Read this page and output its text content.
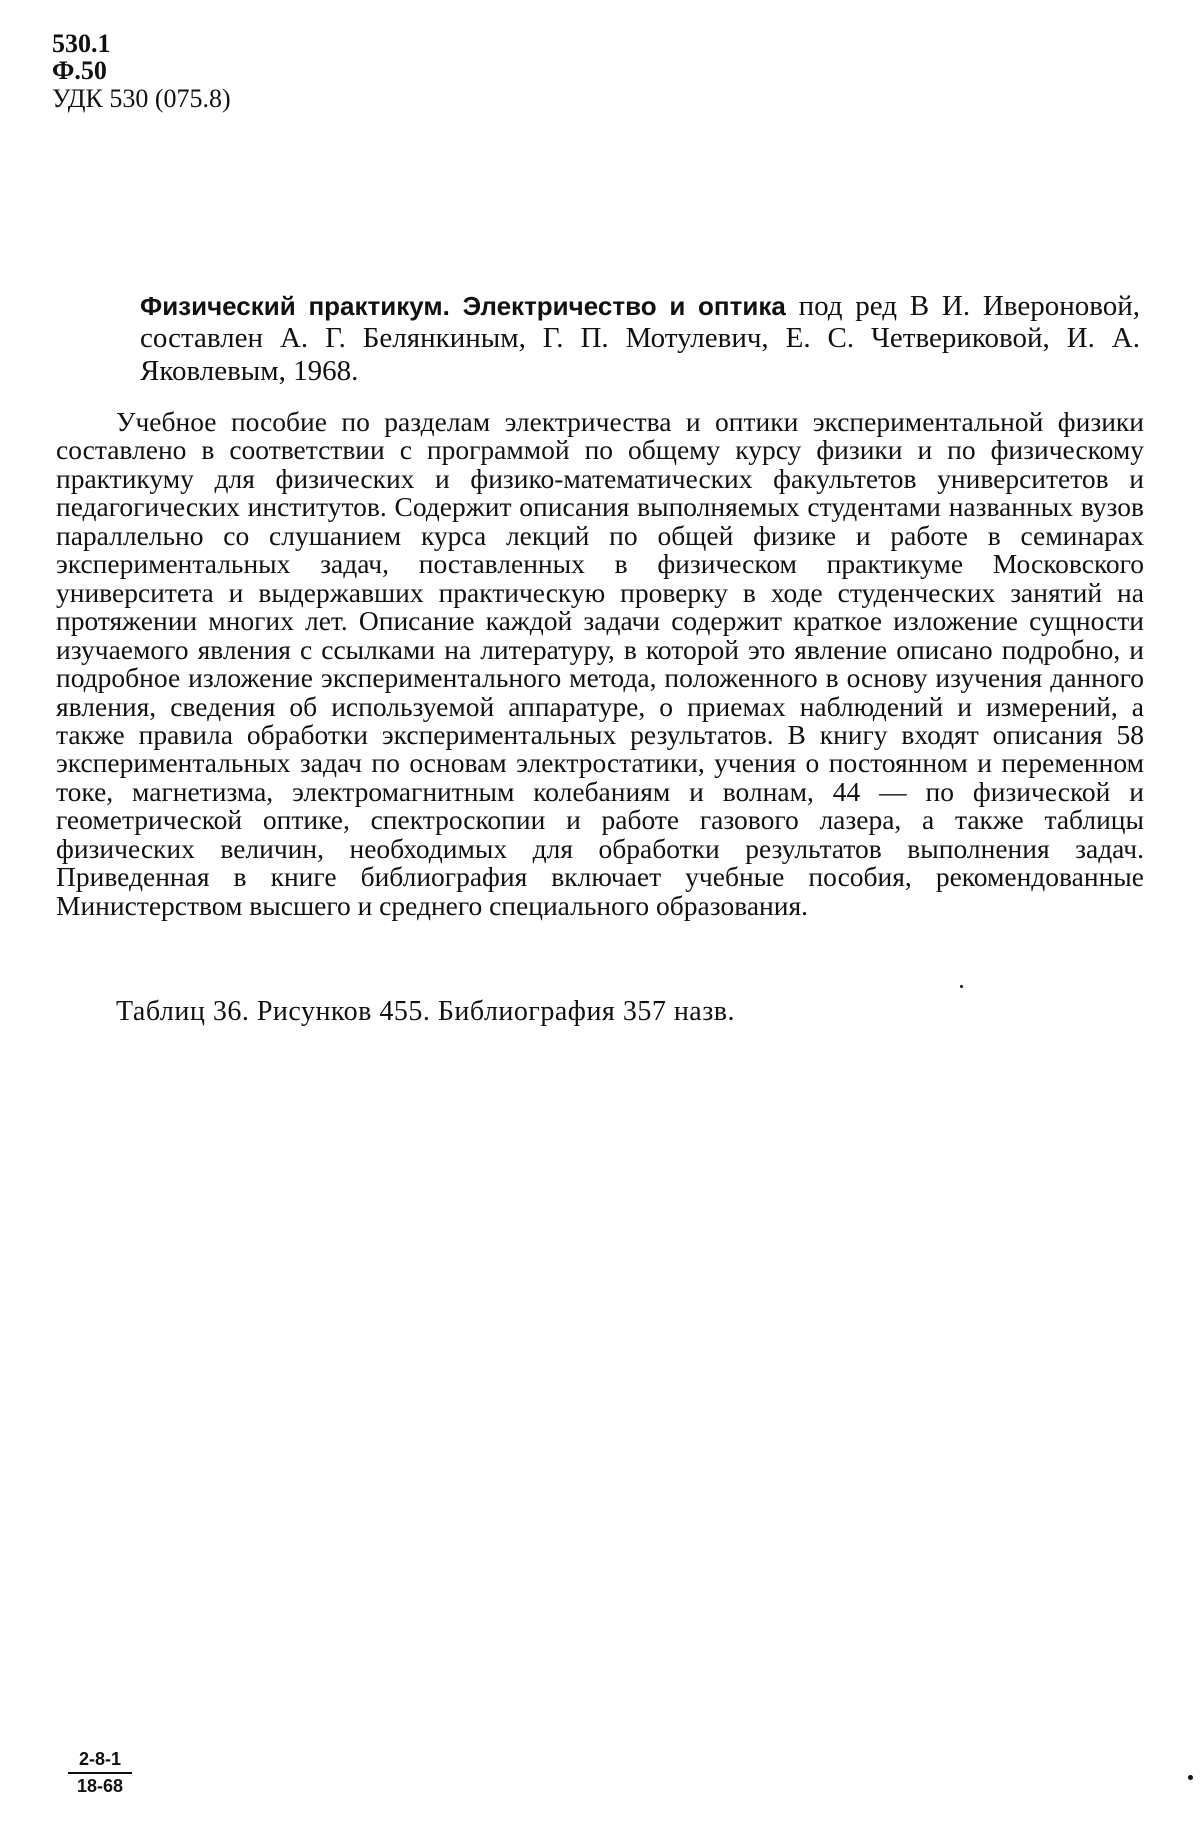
530.1
Ф.50
УДК 530 (075.8)
Физический практикум. Электричество и оптика под ред В И. Ивероновой, составлен А. Г. Белянкиным, Г. П. Мотулевич, Е. С. Четвериковой, И. А. Яковлевым, 1968.

Учебное пособие по разделам электричества и оптики экспериментальной физики составлено в соответствии с программой по общему курсу физики и по физическому практикуму для физических и физико-математических факультетов университетов и педагогических институтов. Содержит описания выполняемых студентами названных вузов параллельно со слушанием курса лекций по общей физике и работе в семинарах экспериментальных задач, поставленных в физическом практикуме Московского университета и выдержавших практическую проверку в ходе студенческих занятий на протяжении многих лет. Описание каждой задачи содержит краткое изложение сущности изучаемого явления с ссылками на литературу, в которой это явление описано подробно, и подробное изложение экспериментального метода, положенного в основу изучения данного явления, сведения об используемой аппаратуре, о приемах наблюдений и измерений, а также правила обработки экспериментальных результатов. В книгу входят описания 58 экспериментальных задач по основам электростатики, учения о постоянном и переменном токе, магнетизма, электромагнитным колебаниям и волнам, 44 — по физической и геометрической оптике, спектроскопии и работе газового лазера, а также таблицы физических величин, необходимых для обработки результатов выполнения задач. Приведенная в книге библиография включает учебные пособия, рекомендованные Министерством высшего и среднего специального образования.

Таблиц 36. Рисунков 455. Библиография 357 назв.
$\frac{2-8-1}{18-68}$
